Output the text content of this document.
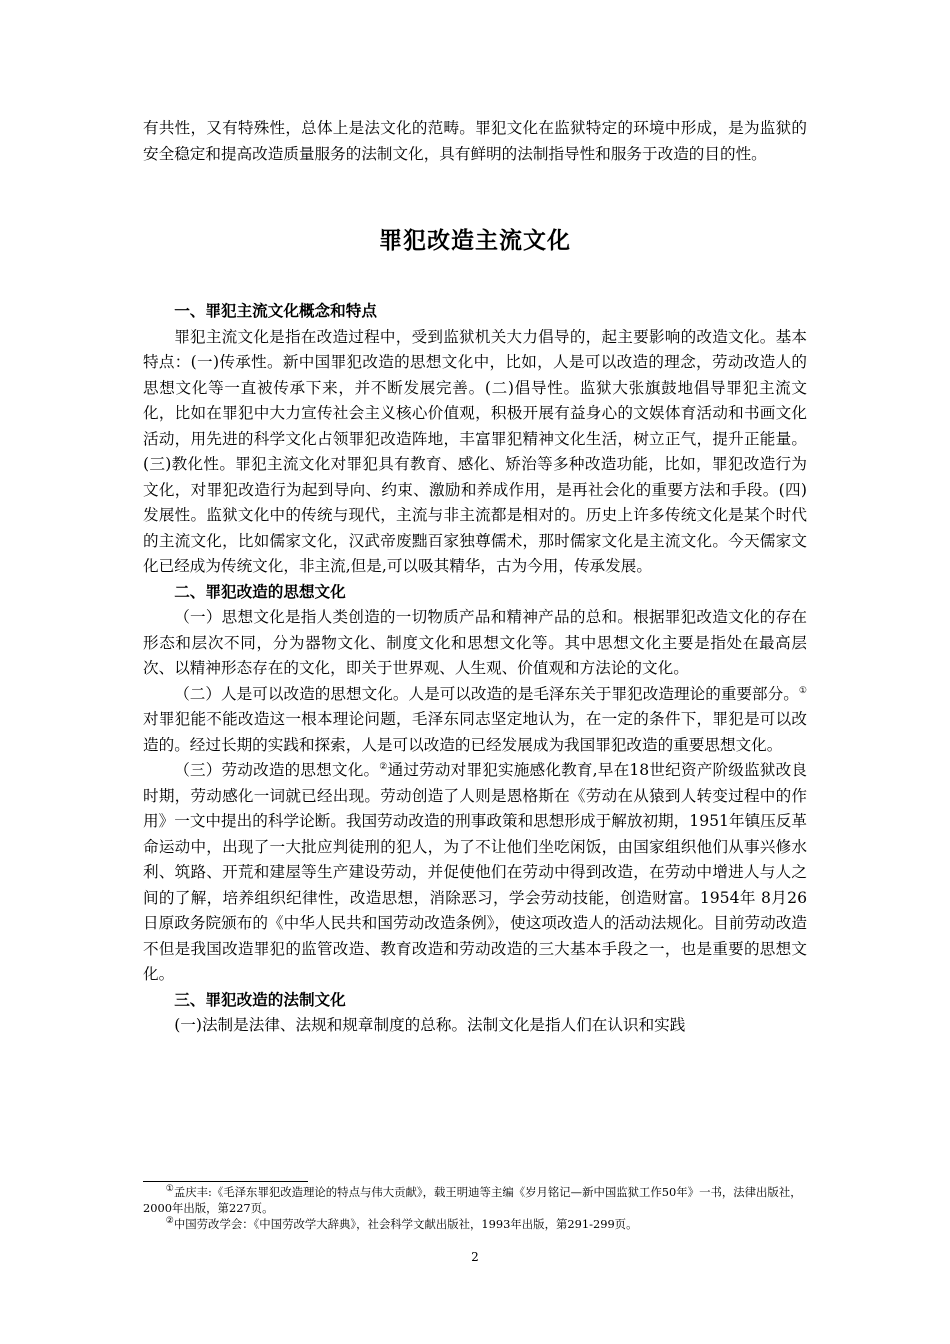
有共性，又有特殊性，总体上是法文化的范畴。罪犯文化在监狱特定的环境中形成，是为监狱的安全稳定和提高改造质量服务的法制文化，具有鲜明的法制指导性和服务于改造的目的性。

罪犯改造主流文化

一、罪犯主流文化概念和特点

罪犯主流文化是指在改造过程中，受到监狱机关大力倡导的，起主要影响的改造文化。基本特点：(一)传承性。新中国罪犯改造的思想文化中，比如，人是可以改造的理念，劳动改造人的思想文化等一直被传承下来，并不断发展完善。(二)倡导性。监狱大张旗鼓地倡导罪犯主流文化，比如在罪犯中大力宣传社会主义核心价值观，积极开展有益身心的文娱体育活动和书画文化活动，用先进的科学文化占领罪犯改造阵地，丰富罪犯精神文化生活，树立正气，提升正能量。(三)教化性。罪犯主流文化对罪犯具有教育、感化、矫治等多种改造功能，比如，罪犯改造行为文化，对罪犯改造行为起到导向、约束、激励和养成作用，是再社会化的重要方法和手段。(四)发展性。监狱文化中的传统与现代，主流与非主流都是相对的。历史上许多传统文化是某个时代的主流文化，比如儒家文化，汉武帝废黜百家独尊儒术，那时儒家文化是主流文化。今天儒家文化已经成为传统文化，非主流,但是,可以吸其精华，古为今用，传承发展。

二、罪犯改造的思想文化

（一）思想文化是指人类创造的一切物质产品和精神产品的总和。根据罪犯改造文化的存在形态和层次不同，分为器物文化、制度文化和思想文化等。其中思想文化主要是指处在最高层次、以精神形态存在的文化，即关于世界观、人生观、价值观和方法论的文化。

（二）人是可以改造的思想文化。人是可以改造的是毛泽东关于罪犯改造理论的重要部分。①对罪犯能不能改造这一根本理论问题，毛泽东同志坚定地认为，在一定的条件下，罪犯是可以改造的。经过长期的实践和探索，人是可以改造的已经发展成为我国罪犯改造的重要思想文化。

（三）劳动改造的思想文化。②通过劳动对罪犯实施感化教育,早在18世纪资产阶级监狱改良时期，劳动感化一词就已经出现。劳动创造了人则是恩格斯在《劳动在从猿到人转变过程中的作用》一文中提出的科学论断。我国劳动改造的刑事政策和思想形成于解放初期，1951年镇压反革命运动中，出现了一大批应判徒刑的犯人，为了不让他们坐吃闲饭，由国家组织他们从事兴修水利、筑路、开荒和建屋等生产建设劳动，并促使他们在劳动中得到改造，在劳动中增进人与人之间的了解，培养组织纪律性，改造思想，消除恶习，学会劳动技能，创造财富。1954年 8月26日原政务院颁布的《中华人民共和国劳动改造条例》，使这项改造人的活动法规化。目前劳动改造不但是我国改造罪犯的监管改造、教育改造和劳动改造的三大基本手段之一，也是重要的思想文化。

三、罪犯改造的法制文化

(一)法制是法律、法规和规章制度的总称。法制文化是指人们在认识和实践

①孟庆丰:《毛泽东罪犯改造理论的特点与伟大贡献》，载王明迪等主编《岁月铭记—新中国监狱工作50年》一书，法律出版社，2000年出版，第227页。

②中国劳改学会：《中国劳改学大辞典》，社会科学文献出版社，1993年出版，第291-299页。

2
